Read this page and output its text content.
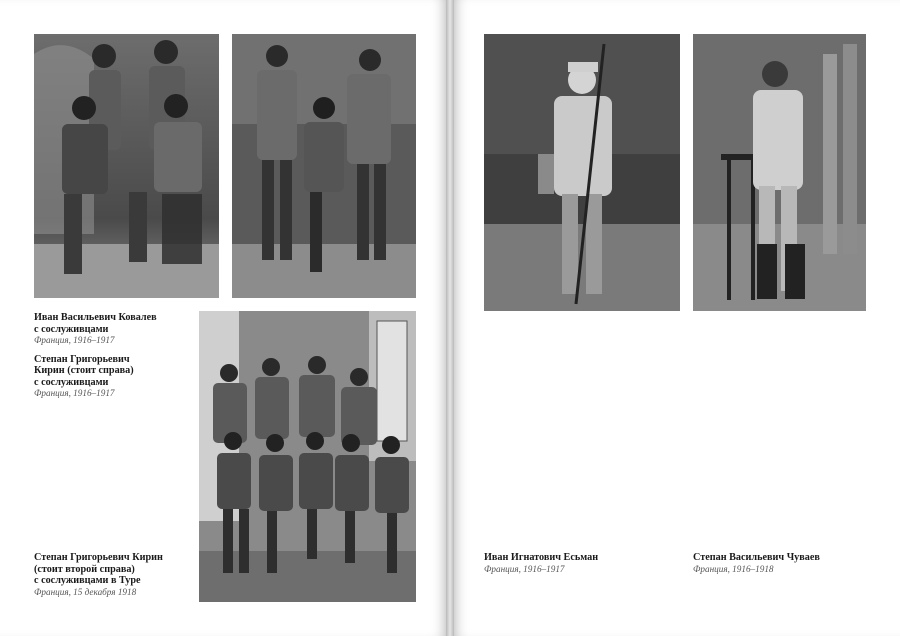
Иван Васильевич Ковалев
с сослуживцами
Франция, 1916–1917
Степан Григорьевич
Кирин (стоит справа)
с сослуживцами
Франция, 1916–1917
Степан Григорьевич Кирин
(стоит второй справа)
с сослуживцами в Туре
Франция, 15 декабря 1918
Иван Игнатович Есьман
Франция, 1916–1917
Степан Васильевич Чуваев
Франция, 1916–1918
